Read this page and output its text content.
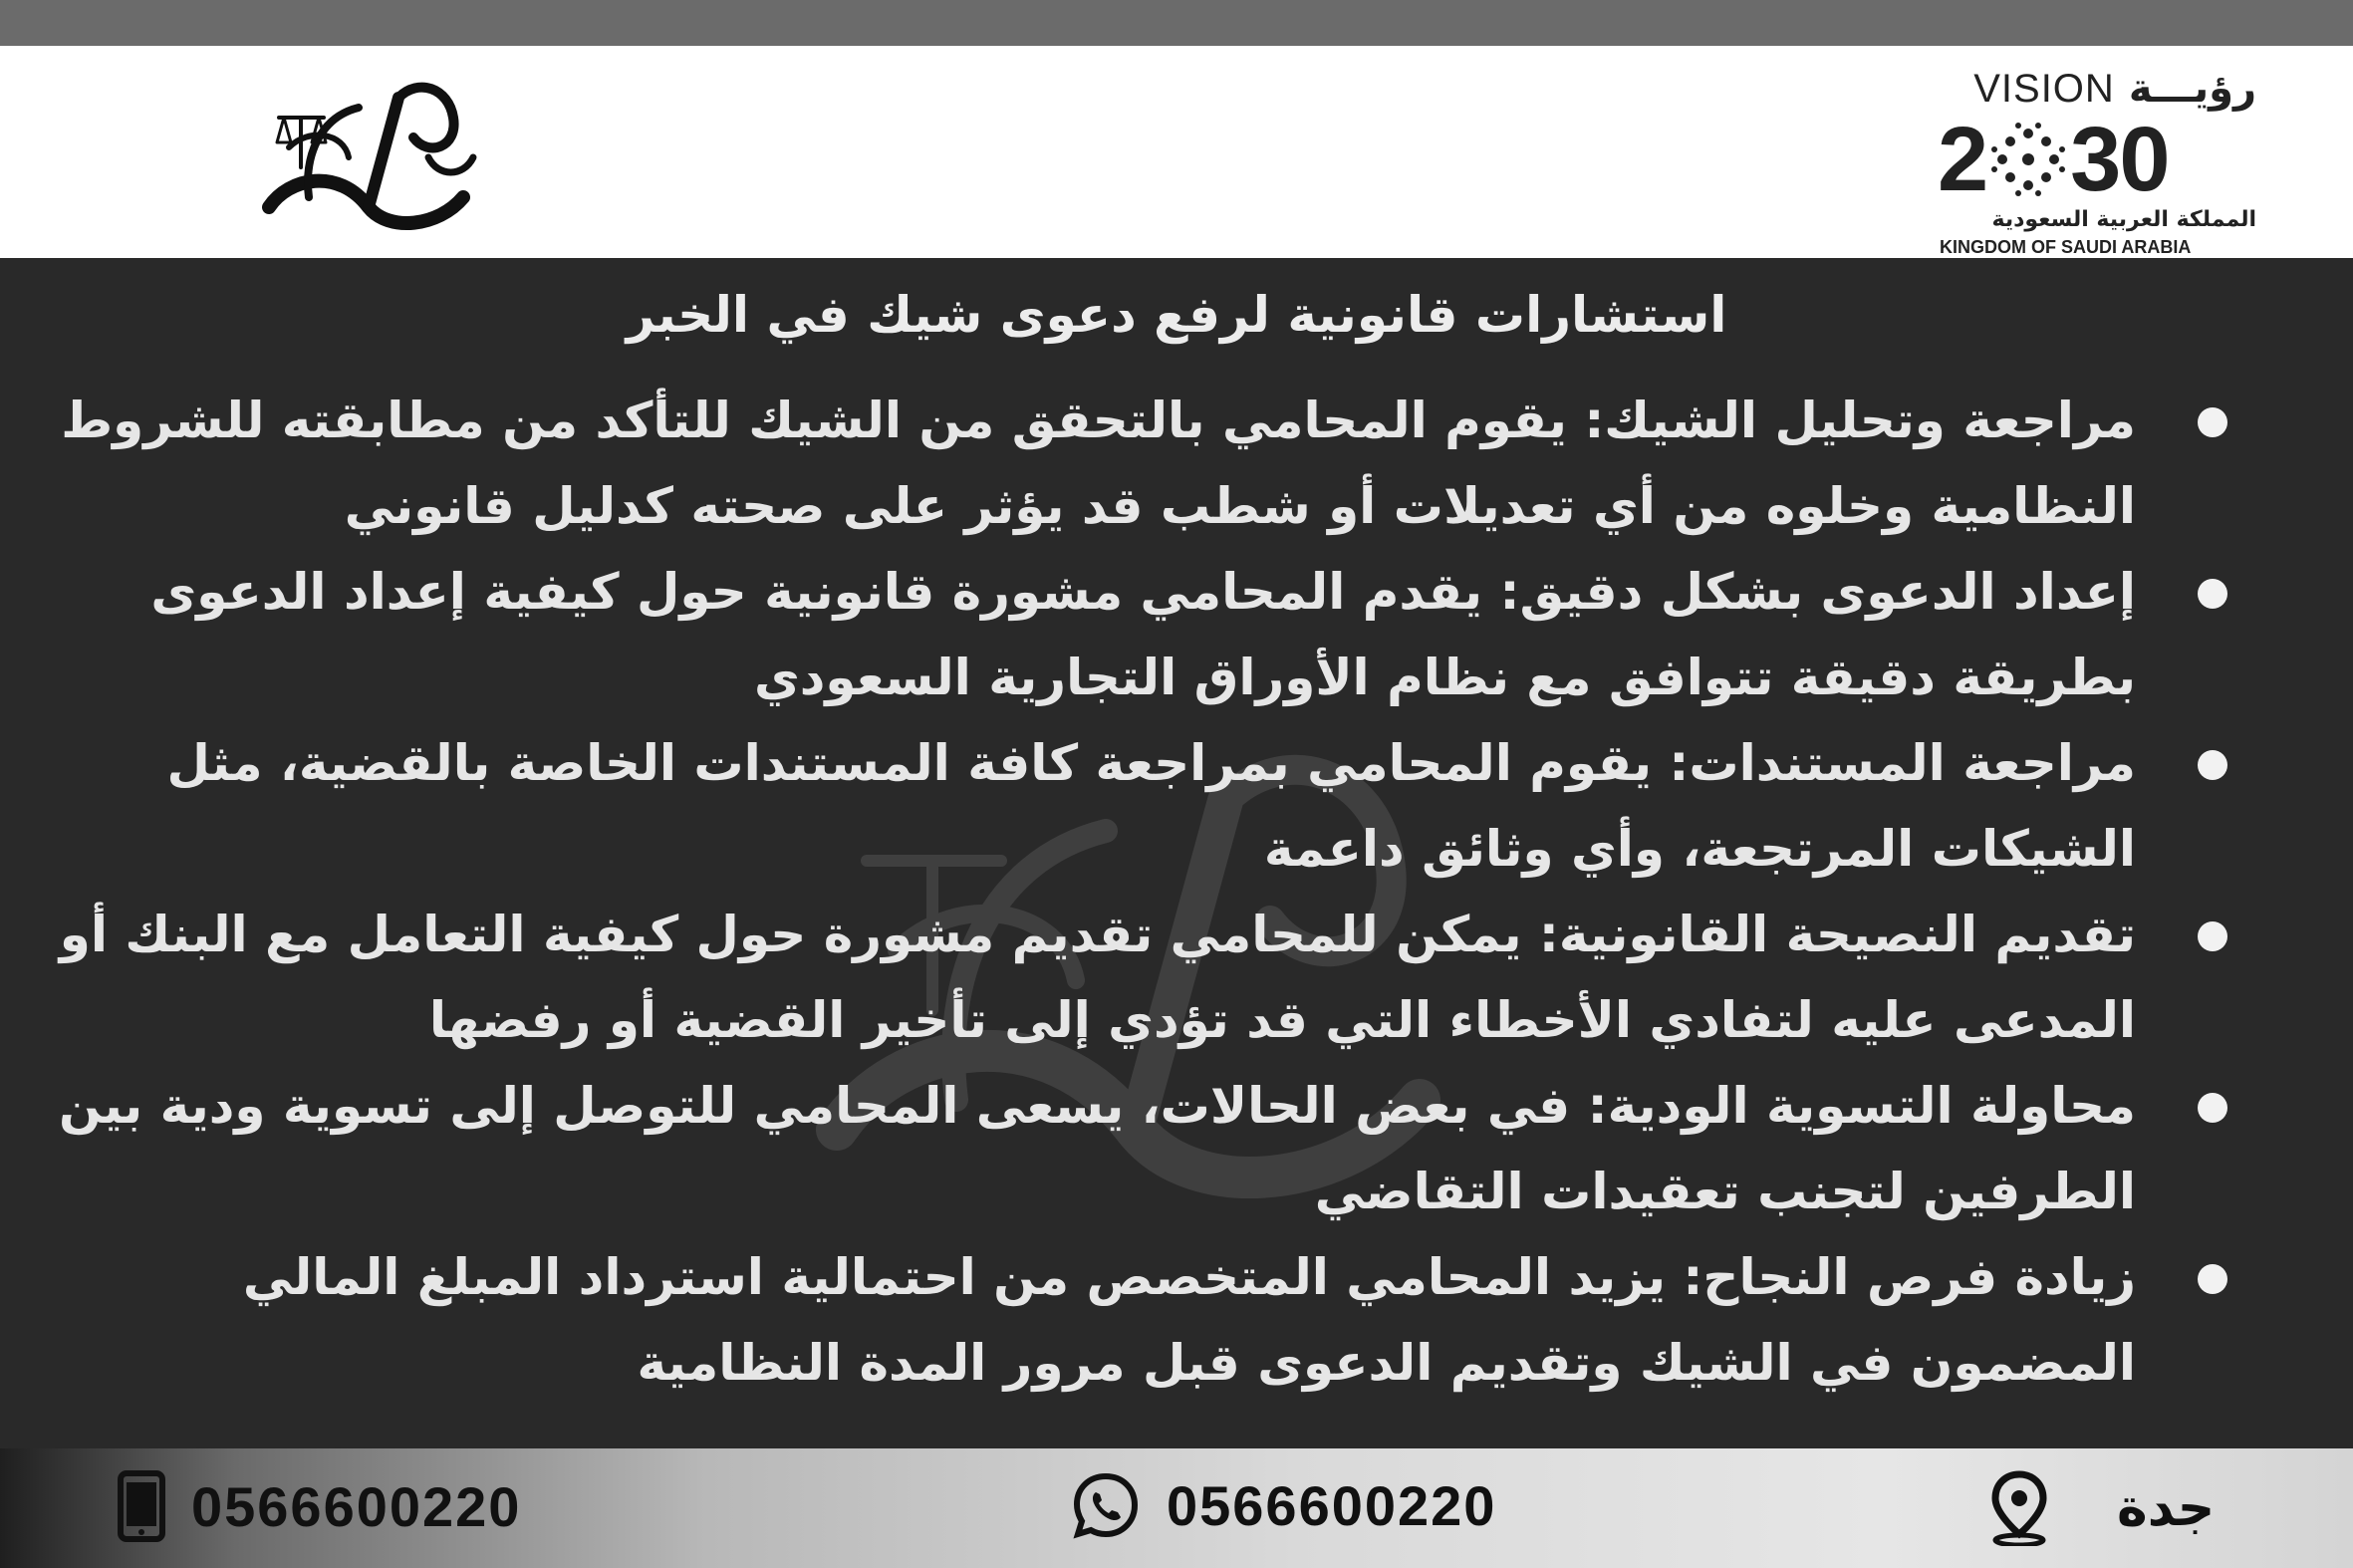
رؤيـــة
VISION
2 30
المملكة العربية السعودية
KINGDOM OF SAUDI ARABIA
استشارات قانونية لرفع دعوى شيك في الخبر
مراجعة وتحليل الشيك: يقوم المحامي بالتحقق من الشيك للتأكد من مطابقته للشروط النظامية وخلوه من أي تعديلات أو شطب قد يؤثر على صحته كدليل قانوني
إعداد الدعوى بشكل دقيق: يقدم المحامي مشورة قانونية حول كيفية إعداد الدعوى بطريقة دقيقة تتوافق مع نظام الأوراق التجارية السعودي
مراجعة المستندات: يقوم المحامي بمراجعة كافة المستندات الخاصة بالقضية، مثل الشيكات المرتجعة، وأي وثائق داعمة
تقديم النصيحة القانونية: يمكن للمحامي تقديم مشورة حول كيفية التعامل مع البنك أو المدعى عليه لتفادي الأخطاء التي قد تؤدي إلى تأخير القضية أو رفضها
محاولة التسوية الودية: في بعض الحالات، يسعى المحامي للتوصل إلى تسوية ودية بين الطرفين لتجنب تعقيدات التقاضي
زيادة فرص النجاح: يزيد المحامي المتخصص من احتمالية استرداد المبلغ المالي المضمون في الشيك وتقديم الدعوى قبل مرور المدة النظامية
0566600220	0566600220	جدة
